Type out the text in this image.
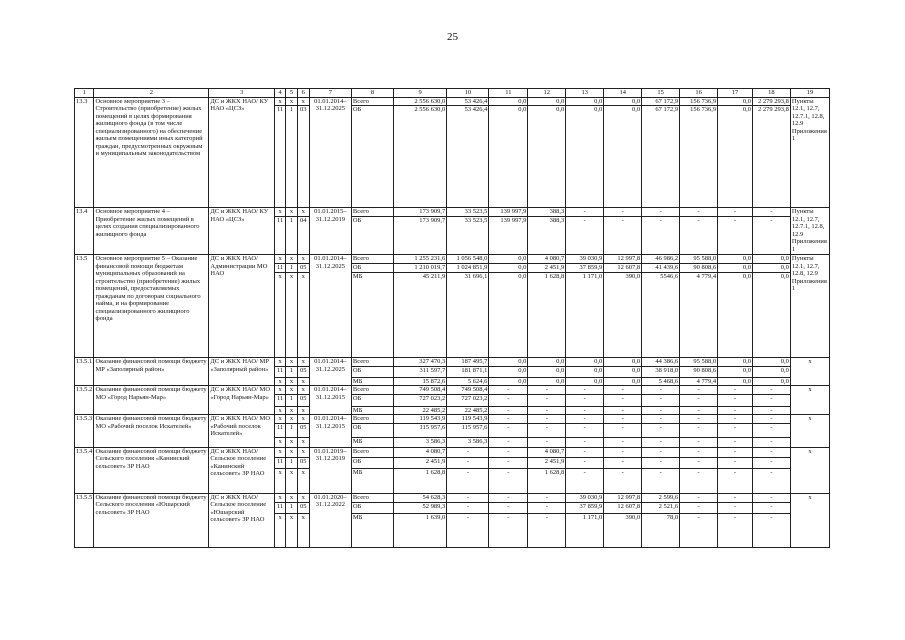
25
1	2	3	4	5	6	7	8	9	10	11	12	13	14	15	16	17	18	19
13.3	Основное мероприятие 3 – Строительство (приобретение) жилых помещений в целях формирования жилищного фонда (в том числе специализированного) на обеспечение жильем помещениями иных категорий граждан, предусмотренных окружным и муниципальным законодательством	ДС и ЖКХ НАО/ КУ НАО «ЦСЗ»	x	x	x	01.01.2014–31.12.2025	Всего	2 556 630,0	53 426,4	0,0	0,0	0,0	0,0	67 172,9	156 736,9	0,0	2 279 293,8	Пункты 12.1, 12.7, 12.7.1, 12.8, 12.9 Приложения 1
			11	1	03		ОБ	2 556 630,0	53 426,4	0,0	0,0	0,0	0,0	67 172,9	156 736,9	0,0	2 279 293,8	
13.4	Основное мероприятие 4 – Приобретение жилых помещений в целях создания специализированного жилищного фонда	ДС и ЖКХ НАО/ КУ НАО «ЦСЗ»	x	x	x	01.01.2015–31.12.2019	Всего	173 909,7	33 523,5	139 997,9	388,3	-	-	-	-	-	-	Пункты 12.1, 12.7, 12.7.1, 12.8, 12.9 Приложения 1
			11	1	04		ОБ	173 909,7	33 523,5	139 997,9	388,3	-	-	-	-	-	-	
13.5	Основное мероприятие 5 – Оказание финансовой помощи бюджетам муниципальных образований на строительство (приобретение) жилых помещений, предоставляемых гражданам по договорам социального найма, и на формирование специализированного жилищного фонда	ДС и ЖКХ НАО/ Администрации МО НАО	x	x	x	01.01.2014–31.12.2025	Всего	1 255 231,6	1 056 548,0	0,0	4 080,7	39 030,9	12 997,8	46 986,2	95 588,0	0,0	0,0	Пункты 12.1, 12.7, 12.8, 12.9 Приложения 1
			11	1	05		ОБ	1 210 019,7	1 024 851,9	0,0	2 451,9	37 859,9	12 607,8	41 439,6	90 808,6	0,0	0,0	
			x	x	x		МБ	45 211,9	31 696,1	0,0	1 628,8	1 171,0	390,0	5546,6	4 779,4	0,0	0,0	
13.5.1	Оказание финансовой помощи бюджету МР «Заполярный район»	ДС и ЖКХ НАО/ МР «Заполярный район»	x	x	x	01.01.2014–31.12.2025	Всего	327 470,3	187 495,7	0,0	0,0	0,0	0,0	44 386,6	95 588,0	0,0	0,0	x
			11	1	05		ОБ	311 597,7	181 871,1	0,0	0,0	0,0	0,0	38 918,0	90 808,6	0,0	0,0	
			x	x	x		МБ	15 872,6	5 624,6	0,0	0,0	0,0	0,0	5 468,6	4 779,4	0,0	0,0	
13.5.2	Оказание финансовой помощи бюджету МО «Город Нарьян-Мар»	ДС и ЖКХ НАО/ МО «Город Нарьян-Мар»	x	x	x	01.01.2014–31.12.2015	Всего	749 508,4	749 508,4	-	-	-	-	-	-	-	-	x
			11	1	05		ОБ	727 023,2	727 023,2	-	-	-	-	-	-	-	-	
			x	x	x		МБ	22 485,2	22 485,2	-	-	-	-	-	-	-	-	
13.5.3	Оказание финансовой помощи бюджету МО «Рабочий поселок Искателей»	ДС и ЖКХ НАО/ МО «Рабочий поселок Искателей»	x	x	x	01.01.2014–31.12.2015	Всего	119 543,9	119 543,9	-	-	-	-	-	-	-	-	x
			11	1	05		ОБ	115 957,6	115 957,6	-	-	-	-	-	-	-	-	
			x	x	x		МБ	3 586,3	3 586,3	-	-	-	-	-	-	-	-	
13.5.4	Оказание финансовой помощи бюджету Сельского поселения «Канинский сельсовет» ЗР НАО	ДС и ЖКХ НАО/ Сельское поселение «Канинский сельсовет» ЗР НАО	x	x	x	01.01.2019–31.12.2019	Всего	4 080,7	-	-	4 080,7	-	-	-	-	-	-	x
			11	1	05		ОБ	2 451,9	-	-	2 451,9	-	-	-	-	-	-	
			x	x	x		МБ	1 628,8	-	-	1 628,8	-	-	-	-	-	-	
13.5.5	Оказание финансовой помощи бюджету Сельского поселения «Юшарский сельсовет» ЗР НАО	ДС и ЖКХ НАО/ Сельское поселение «Юшарский сельсовет» ЗР НАО	x	x	x	01.01.2020–31.12.2022	Всего	54 628,3	-	-	-	39 030,9	12 997,8	2 599,6	-	-	-	x
			11	1	05		ОБ	52 989,3	-	-	-	37 859,9	12 607,8	2 521,6	-	-	-	
			x	x	x		МБ	1 639,0	-	-	-	1 171,0	390,0	78,0	-	-	-	
